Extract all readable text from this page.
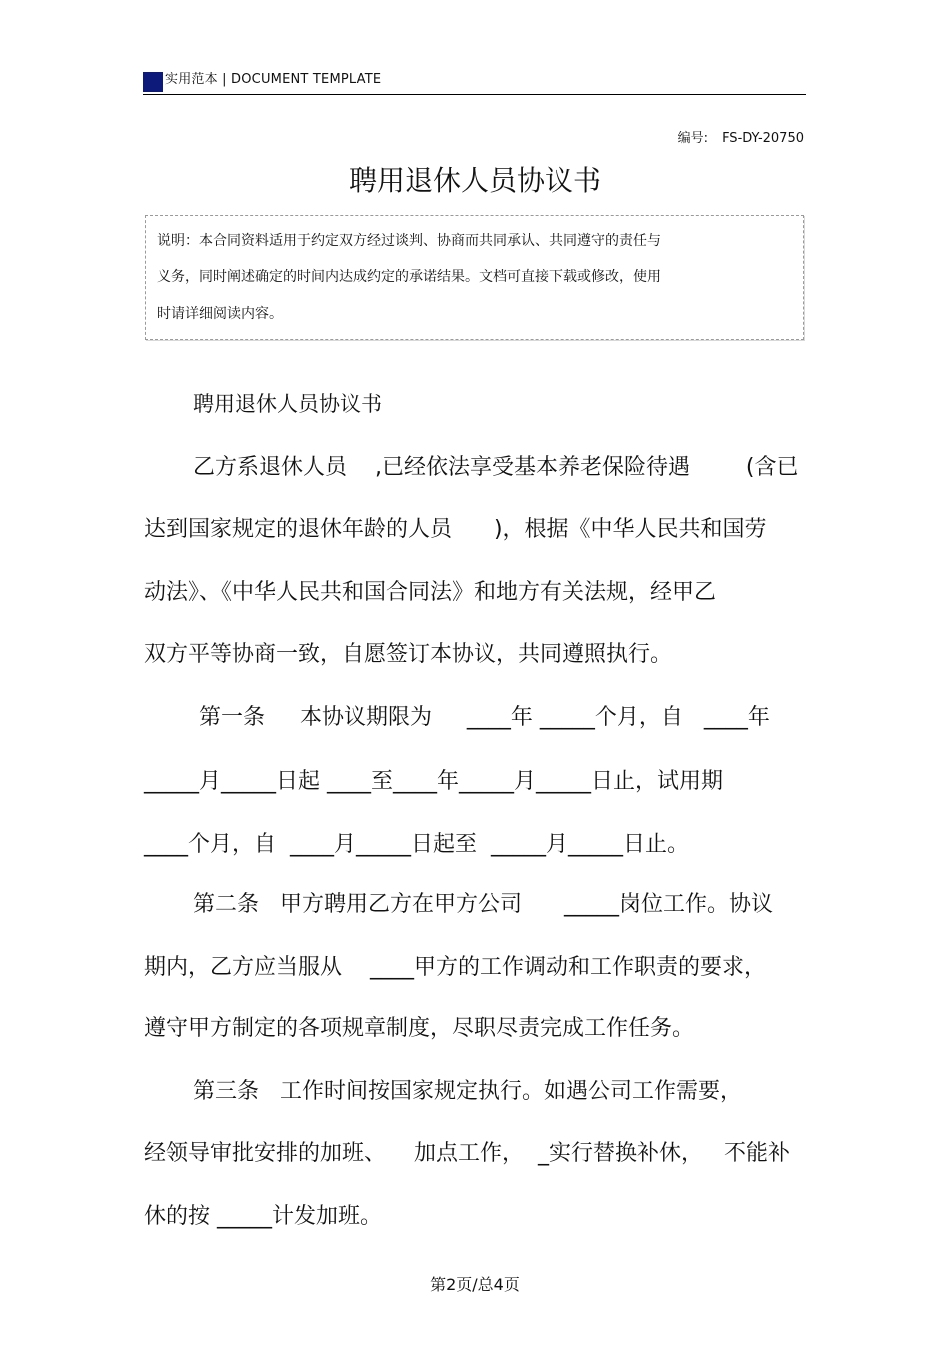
实用范本 | DOCUMENT TEMPLATE
编号: FS-DY-20750
聘用退休人员协议书
说明：本合同资料适用于约定双方经过谈判、协商而共同承认、共同遵守的责任与
义务，同时阐述确定的时间内达成约定的承诺结果。文档可直接下载或修改，使用
时请详细阅读内容。
聘用退休人员协议书
乙方系退休人员    ,已经依法享受基本养老保险待遇        (含已
达到国家规定的退休年龄的人员      )，根据《中华人民共和国劳
动法》、《中华人民共和国合同法》和地方有关法规，经甲乙
双方平等协商一致，自愿签订本协议，共同遵照执行。
第一条     本协议期限为     ____年 _____个月，自   ____年
_____月_____日起 ____至____年_____月_____日止，试用期
____个月，自  ____月_____日起至  _____月_____日止。
第二条   甲方聘用乙方在甲方公司      _____岗位工作。协议
期内，乙方应当服从    ____甲方的工作调动和工作职责的要求，
遵守甲方制定的各项规章制度，尽职尽责完成工作任务。
第三条   工作时间按国家规定执行。如遇公司工作需要，
经领导审批安排的加班、    加点工作，  _实行替换补休，   不能补
休的按 _____计发加班。
第2页/总4页
